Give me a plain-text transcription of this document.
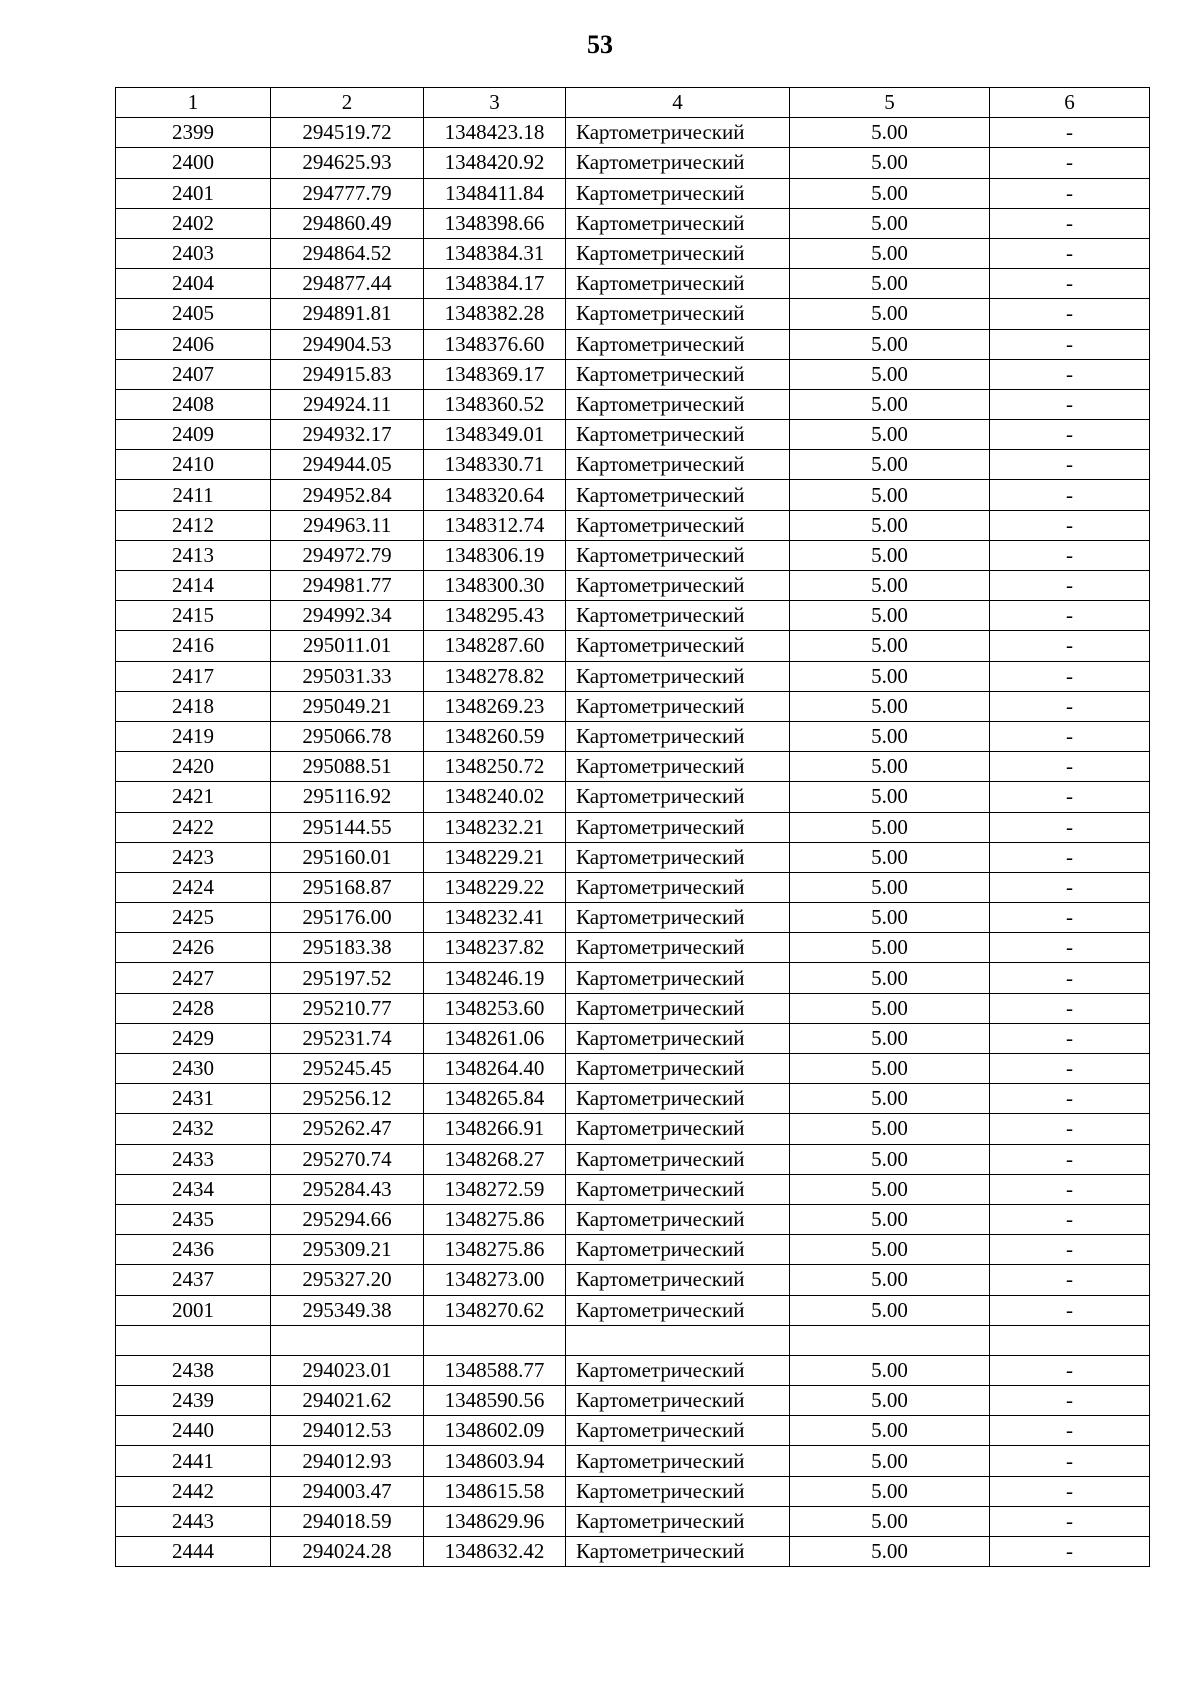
53
1	2	3	4	5	6
2399	294519.72	1348423.18	Картометрический	5.00	-
2400	294625.93	1348420.92	Картометрический	5.00	-
2401	294777.79	1348411.84	Картометрический	5.00	-
2402	294860.49	1348398.66	Картометрический	5.00	-
2403	294864.52	1348384.31	Картометрический	5.00	-
2404	294877.44	1348384.17	Картометрический	5.00	-
2405	294891.81	1348382.28	Картометрический	5.00	-
2406	294904.53	1348376.60	Картометрический	5.00	-
2407	294915.83	1348369.17	Картометрический	5.00	-
2408	294924.11	1348360.52	Картометрический	5.00	-
2409	294932.17	1348349.01	Картометрический	5.00	-
2410	294944.05	1348330.71	Картометрический	5.00	-
2411	294952.84	1348320.64	Картометрический	5.00	-
2412	294963.11	1348312.74	Картометрический	5.00	-
2413	294972.79	1348306.19	Картометрический	5.00	-
2414	294981.77	1348300.30	Картометрический	5.00	-
2415	294992.34	1348295.43	Картометрический	5.00	-
2416	295011.01	1348287.60	Картометрический	5.00	-
2417	295031.33	1348278.82	Картометрический	5.00	-
2418	295049.21	1348269.23	Картометрический	5.00	-
2419	295066.78	1348260.59	Картометрический	5.00	-
2420	295088.51	1348250.72	Картометрический	5.00	-
2421	295116.92	1348240.02	Картометрический	5.00	-
2422	295144.55	1348232.21	Картометрический	5.00	-
2423	295160.01	1348229.21	Картометрический	5.00	-
2424	295168.87	1348229.22	Картометрический	5.00	-
2425	295176.00	1348232.41	Картометрический	5.00	-
2426	295183.38	1348237.82	Картометрический	5.00	-
2427	295197.52	1348246.19	Картометрический	5.00	-
2428	295210.77	1348253.60	Картометрический	5.00	-
2429	295231.74	1348261.06	Картометрический	5.00	-
2430	295245.45	1348264.40	Картометрический	5.00	-
2431	295256.12	1348265.84	Картометрический	5.00	-
2432	295262.47	1348266.91	Картометрический	5.00	-
2433	295270.74	1348268.27	Картометрический	5.00	-
2434	295284.43	1348272.59	Картометрический	5.00	-
2435	295294.66	1348275.86	Картометрический	5.00	-
2436	295309.21	1348275.86	Картометрический	5.00	-
2437	295327.20	1348273.00	Картометрический	5.00	-
2001	295349.38	1348270.62	Картометрический	5.00	-

2438	294023.01	1348588.77	Картометрический	5.00	-
2439	294021.62	1348590.56	Картометрический	5.00	-
2440	294012.53	1348602.09	Картометрический	5.00	-
2441	294012.93	1348603.94	Картометрический	5.00	-
2442	294003.47	1348615.58	Картометрический	5.00	-
2443	294018.59	1348629.96	Картометрический	5.00	-
2444	294024.28	1348632.42	Картометрический	5.00	-
